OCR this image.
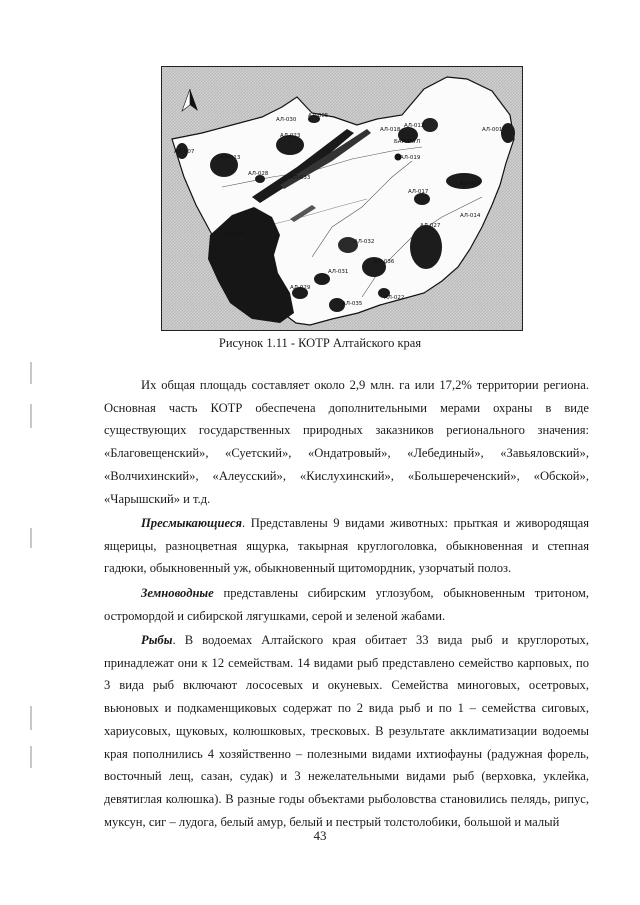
АЛ-030
АЛ-005
АЛ-012
АЛ-018	АЛ-001
АЛ-007
АЛ-013
АЛ-023
АЛ-028
АЛ-033
БАРНАУЛ
АЛ-019
АЛ-017
АЛ-024
АЛ-014
АЛ-026
АЛ-027
АЛ-032
АЛ-036
АЛ-031
АЛ-029
АЛ-035
АЛ-022
Рисунок 1.11 - КОТР Алтайского края

Их общая площадь составляет около 2,9 млн. га или 17,2% территории региона. Основная часть КОТР обеспечена дополнительными мерами охраны в виде существующих государственных природных заказников регионального значения: «Благовещенский», «Суетский», «Ондатровый», «Лебединый», «Завьяловский», «Волчихинский», «Алеусский», «Кислухинский», «Большереченский», «Обской», «Чарышский» и т.д.

Пресмыкающиеся. Представлены 9 видами животных: прыткая и живородящая ящерицы, разноцветная ящурка, такырная круглоголовка, обыкновенная и степная гадюки, обыкновенный уж, обыкновенный щитомордник, узорчатый полоз.

Земноводные представлены сибирским углозубом, обыкновенным тритоном, остромордой и сибирской лягушками, серой и зеленой жабами.

Рыбы. В водоемах Алтайского края обитает 33 вида рыб и круглоротых, принадлежат они к 12 семействам. 14 видами рыб представлено семейство карповых, по 3 вида рыб включают лососевых и окуневых. Семейства миноговых, осетровых, вьюновых и подкаменщиковых содержат по 2 вида рыб и по 1 – семейства сиговых, хариусовых, щуковых, колюшковых, тресковых. В результате акклиматизации водоемы края пополнились 4 хозяйственно – полезными видами ихтиофауны (радужная форель, восточный лещ, сазан, судак) и 3 нежелательными видами рыб (верховка, уклейка, девятиглая колюшка). В разные годы объектами рыболовства становились пелядь, рипус, муксун, сиг – лудога, белый амур, белый и пестрый толстолобики, большой и малый

43
